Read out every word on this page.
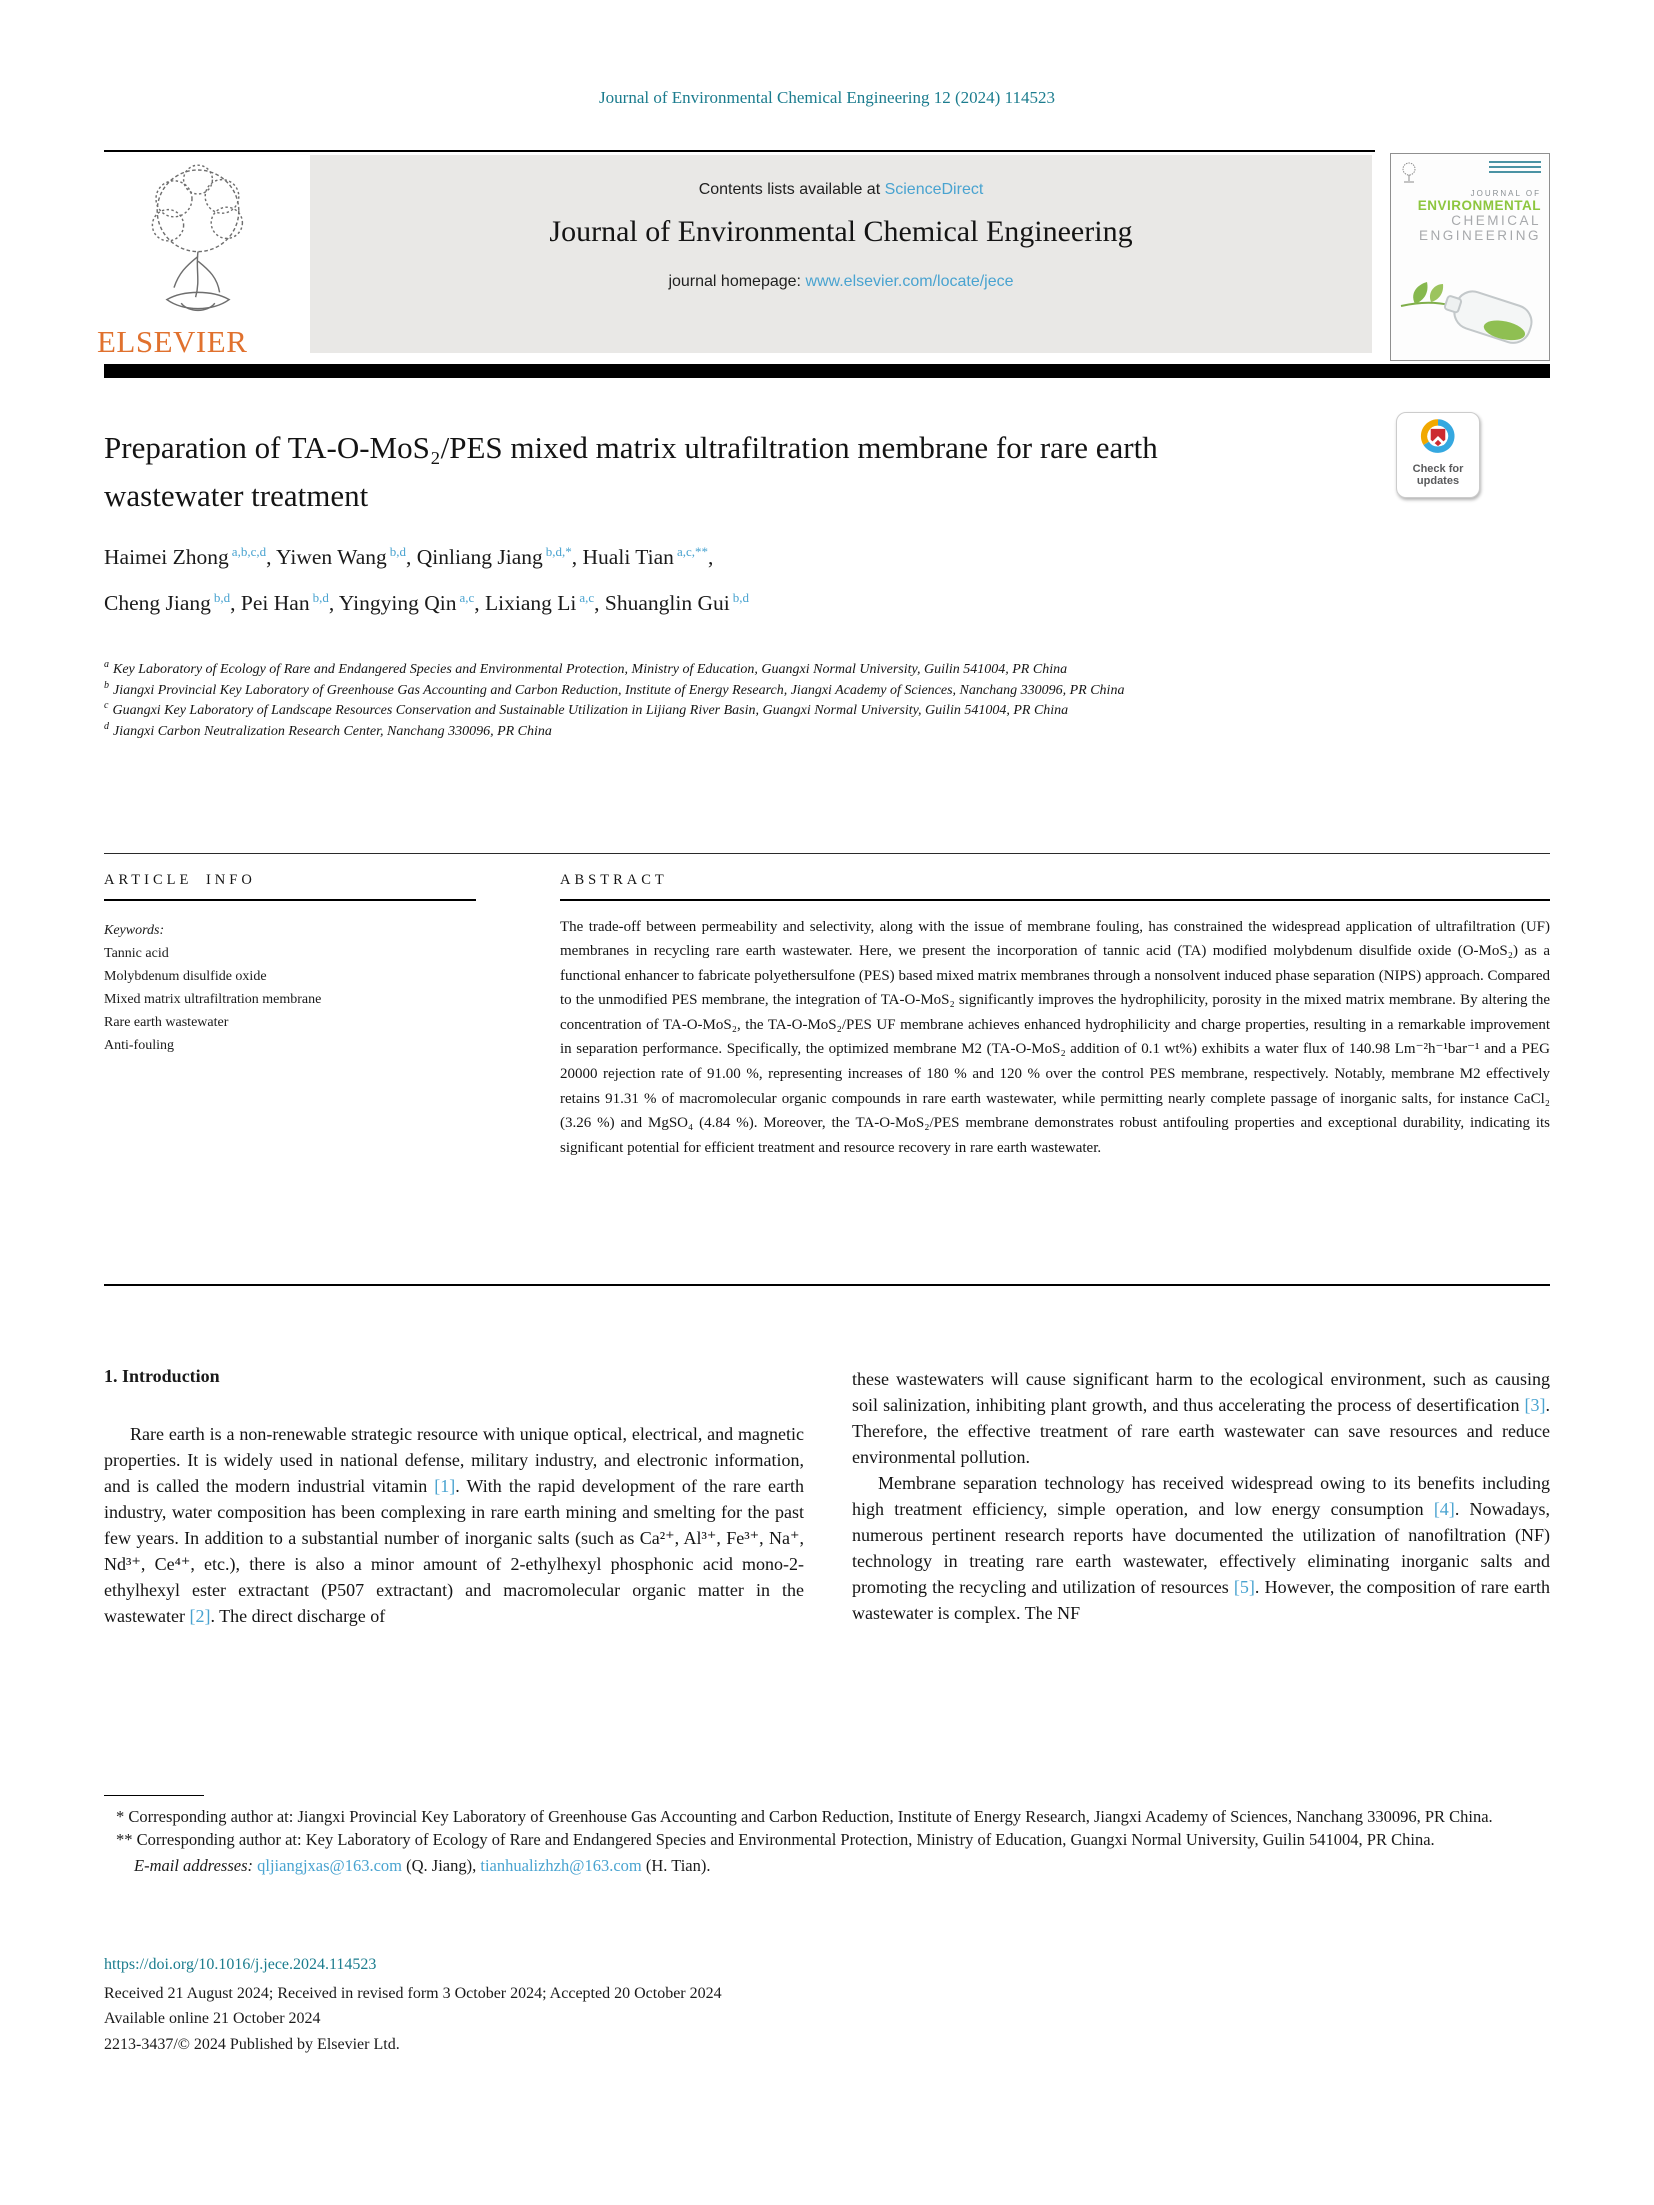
Journal of Environmental Chemical Engineering 12 (2024) 114523
ELSEVIER
Contents lists available at ScienceDirect
Journal of Environmental Chemical Engineering
journal homepage: www.elsevier.com/locate/jece
JOURNAL OF
ENVIRONMENTAL
CHEMICAL
ENGINEERING
Preparation of TA-O-MoS₂/PES mixed matrix ultrafiltration membrane for rare earth wastewater treatment
Check for
updates
Haimei Zhong $^{a,b,c,d}$, Yiwen Wang $^{b,d}$, Qinliang Jiang $^{b,d,*}$, Huali Tian $^{a,c,**}$,
Cheng Jiang $^{b,d}$, Pei Han $^{b,d}$, Yingying Qin $^{a,c}$, Lixiang Li $^{a,c}$, Shuanglin Gui $^{b,d}$
$^a$ Key Laboratory of Ecology of Rare and Endangered Species and Environmental Protection, Ministry of Education, Guangxi Normal University, Guilin 541004, PR China
$^b$ Jiangxi Provincial Key Laboratory of Greenhouse Gas Accounting and Carbon Reduction, Institute of Energy Research, Jiangxi Academy of Sciences, Nanchang 330096, PR China
$^c$ Guangxi Key Laboratory of Landscape Resources Conservation and Sustainable Utilization in Lijiang River Basin, Guangxi Normal University, Guilin 541004, PR China
$^d$ Jiangxi Carbon Neutralization Research Center, Nanchang 330096, PR China
ARTICLE INFO
Keywords:
Tannic acid
Molybdenum disulfide oxide
Mixed matrix ultrafiltration membrane
Rare earth wastewater
Anti-fouling
ABSTRACT
The trade-off between permeability and selectivity, along with the issue of membrane fouling, has constrained the widespread application of ultrafiltration (UF) membranes in recycling rare earth wastewater. Here, we present the incorporation of tannic acid (TA) modified molybdenum disulfide oxide (O-MoS₂) as a functional enhancer to fabricate polyethersulfone (PES) based mixed matrix membranes through a nonsolvent induced phase separation (NIPS) approach. Compared to the unmodified PES membrane, the integration of TA-O-MoS₂ significantly improves the hydrophilicity, porosity in the mixed matrix membrane. By altering the concentration of TA-O-MoS₂, the TA-O-MoS₂/PES UF membrane achieves enhanced hydrophilicity and charge properties, resulting in a remarkable improvement in separation performance. Specifically, the optimized membrane M2 (TA-O-MoS₂ addition of 0.1 wt%) exhibits a water flux of 140.98 Lm⁻²h⁻¹bar⁻¹ and a PEG 20000 rejection rate of 91.00 %, representing increases of 180 % and 120 % over the control PES membrane, respectively. Notably, membrane M2 effectively retains 91.31 % of macromolecular organic compounds in rare earth wastewater, while permitting nearly complete passage of inorganic salts, for instance CaCl₂ (3.26 %) and MgSO₄ (4.84 %). Moreover, the TA-O-MoS₂/PES membrane demonstrates robust antifouling properties and exceptional durability, indicating its significant potential for efficient treatment and resource recovery in rare earth wastewater.
1. Introduction

Rare earth is a non-renewable strategic resource with unique optical, electrical, and magnetic properties. It is widely used in national defense, military industry, and electronic information, and is called the modern industrial vitamin [1]. With the rapid development of the rare earth industry, water composition has been complexing in rare earth mining and smelting for the past few years. In addition to a substantial number of inorganic salts (such as Ca²⁺, Al³⁺, Fe³⁺, Na⁺, Nd³⁺, Ce⁴⁺, etc.), there is also a minor amount of 2-ethylhexyl phosphonic acid mono-2-ethylhexyl ester extractant (P507 extractant) and macromolecular organic matter in the wastewater [2]. The direct discharge of

these wastewaters will cause significant harm to the ecological environment, such as causing soil salinization, inhibiting plant growth, and thus accelerating the process of desertification [3]. Therefore, the effective treatment of rare earth wastewater can save resources and reduce environmental pollution.

Membrane separation technology has received widespread owing to its benefits including high treatment efficiency, simple operation, and low energy consumption [4]. Nowadays, numerous pertinent research reports have documented the utilization of nanofiltration (NF) technology in treating rare earth wastewater, effectively eliminating inorganic salts and promoting the recycling and utilization of resources [5]. However, the composition of rare earth wastewater is complex. The NF

* Corresponding author at: Jiangxi Provincial Key Laboratory of Greenhouse Gas Accounting and Carbon Reduction, Institute of Energy Research, Jiangxi Academy of Sciences, Nanchang 330096, PR China.

** Corresponding author at: Key Laboratory of Ecology of Rare and Endangered Species and Environmental Protection, Ministry of Education, Guangxi Normal University, Guilin 541004, PR China.

E-mail addresses: qljiangjxas@163.com (Q. Jiang), tianhualizhzh@163.com (H. Tian).

https://doi.org/10.1016/j.jece.2024.114523

Received 21 August 2024; Received in revised form 3 October 2024; Accepted 20 October 2024

Available online 21 October 2024

2213-3437/© 2024 Published by Elsevier Ltd.
